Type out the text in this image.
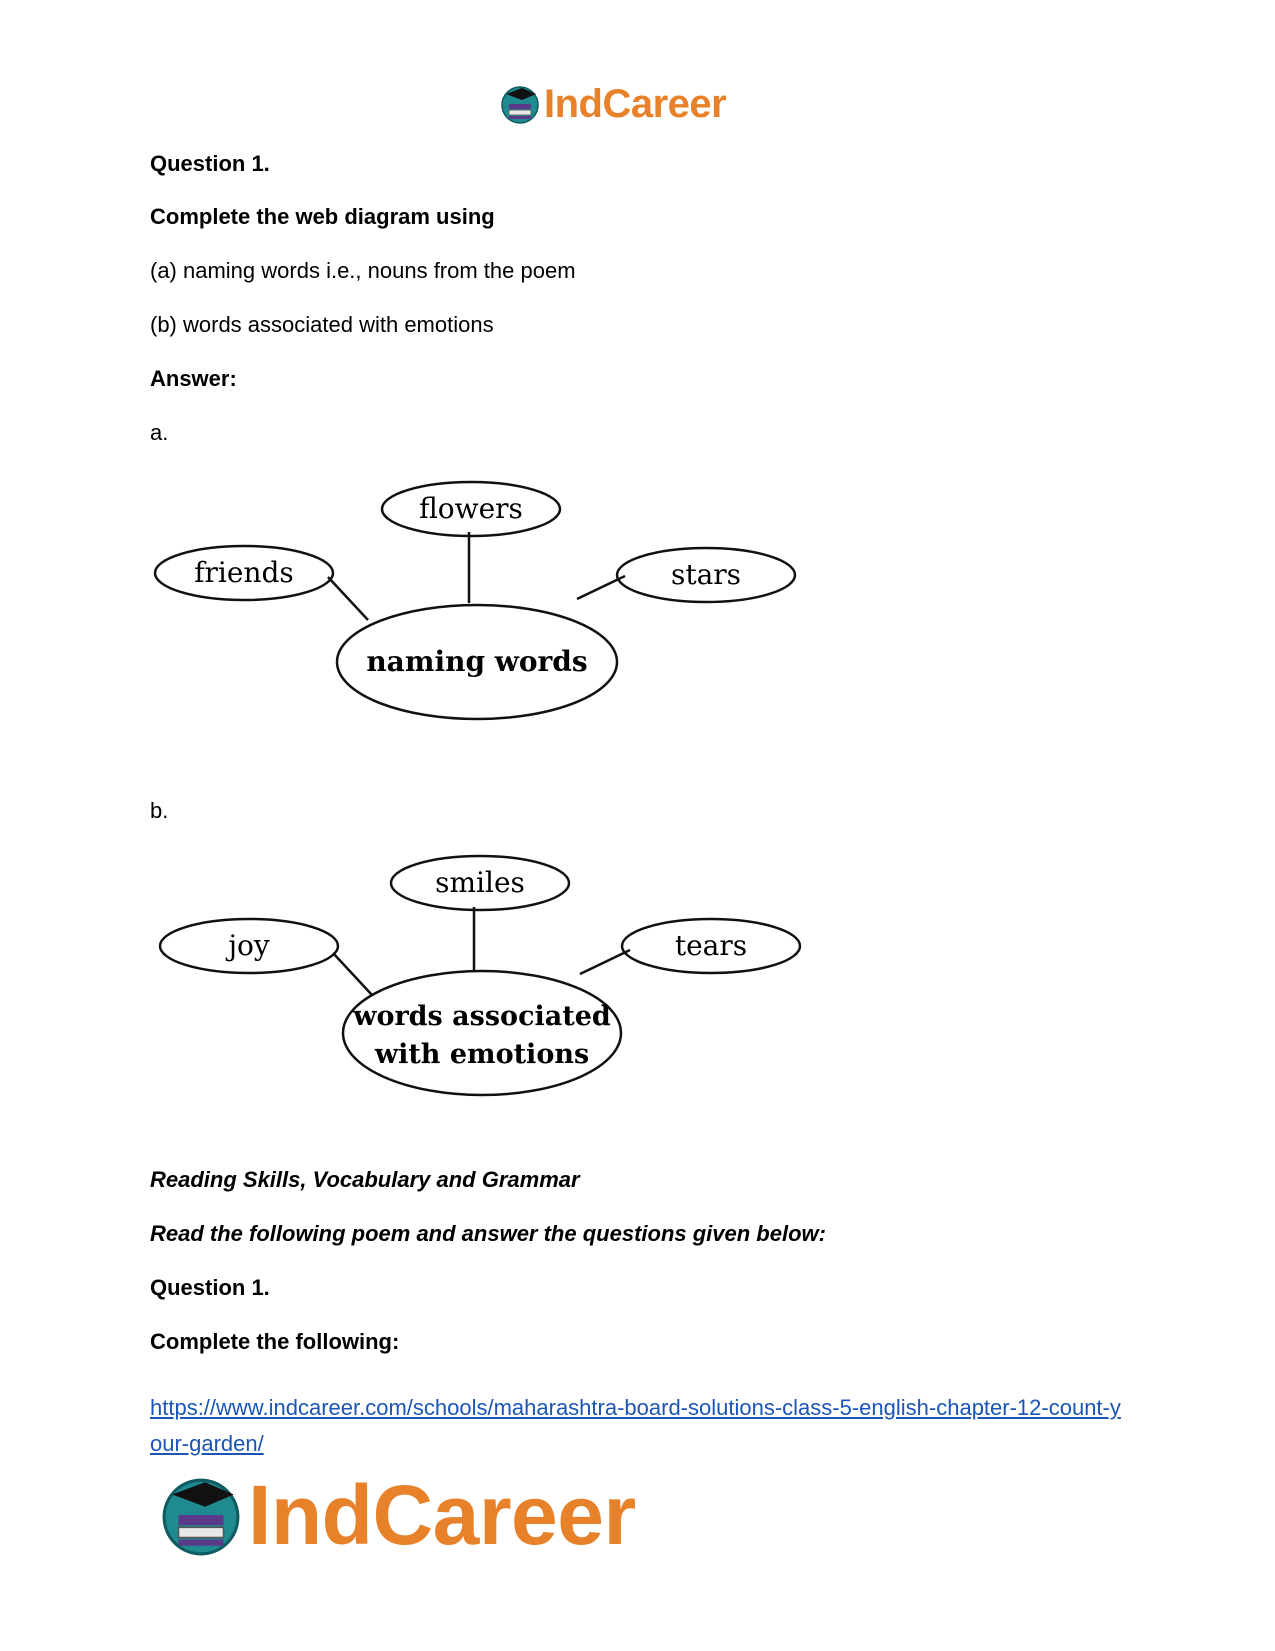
IndCareer
Question 1.
Complete the web diagram using
(a) naming words i.e., nouns from the poem
(b) words associated with emotions
Answer:
a.
flowers
friends	stars
naming words
b.
smiles
joy	tears
words associated
with emotions
Reading Skills, Vocabulary and Grammar
Read the following poem and answer the questions given below:
Question 1.
Complete the following:
https://www.indcareer.com/schools/maharashtra-board-solutions-class-5-english-chapter-12-count-your-garden/
IndCareer
